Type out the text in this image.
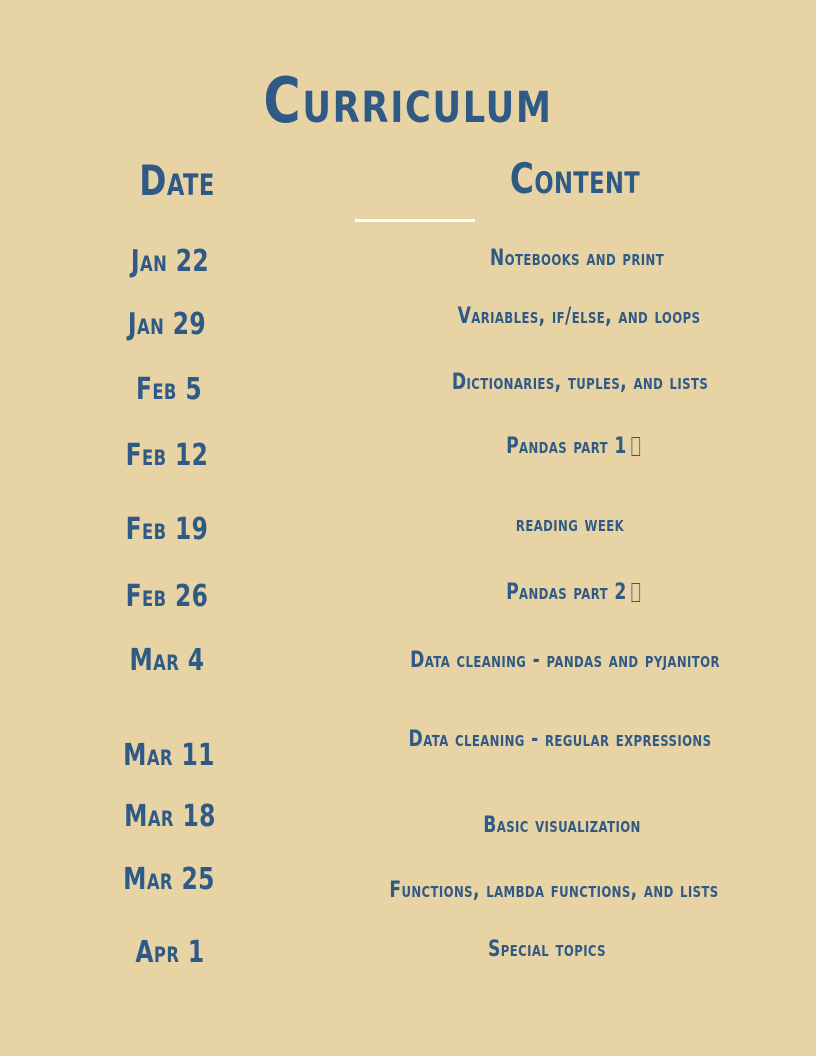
Curriculum
Date	Content
Jan 22
Jan 29
Feb 5
Feb 12
Feb 19
Feb 26
Mar 4
Mar 11
Mar 18
Mar 25
Apr 1
Notebooks and print
Variables, if/else, and loops
Dictionaries, tuples, and lists
Pandas part 1
reading week
Pandas part 2
Data cleaning - pandas and pyjanitor
Data cleaning - regular expressions
Basic visualization
Functions, lambda functions, and lists
Special topics
